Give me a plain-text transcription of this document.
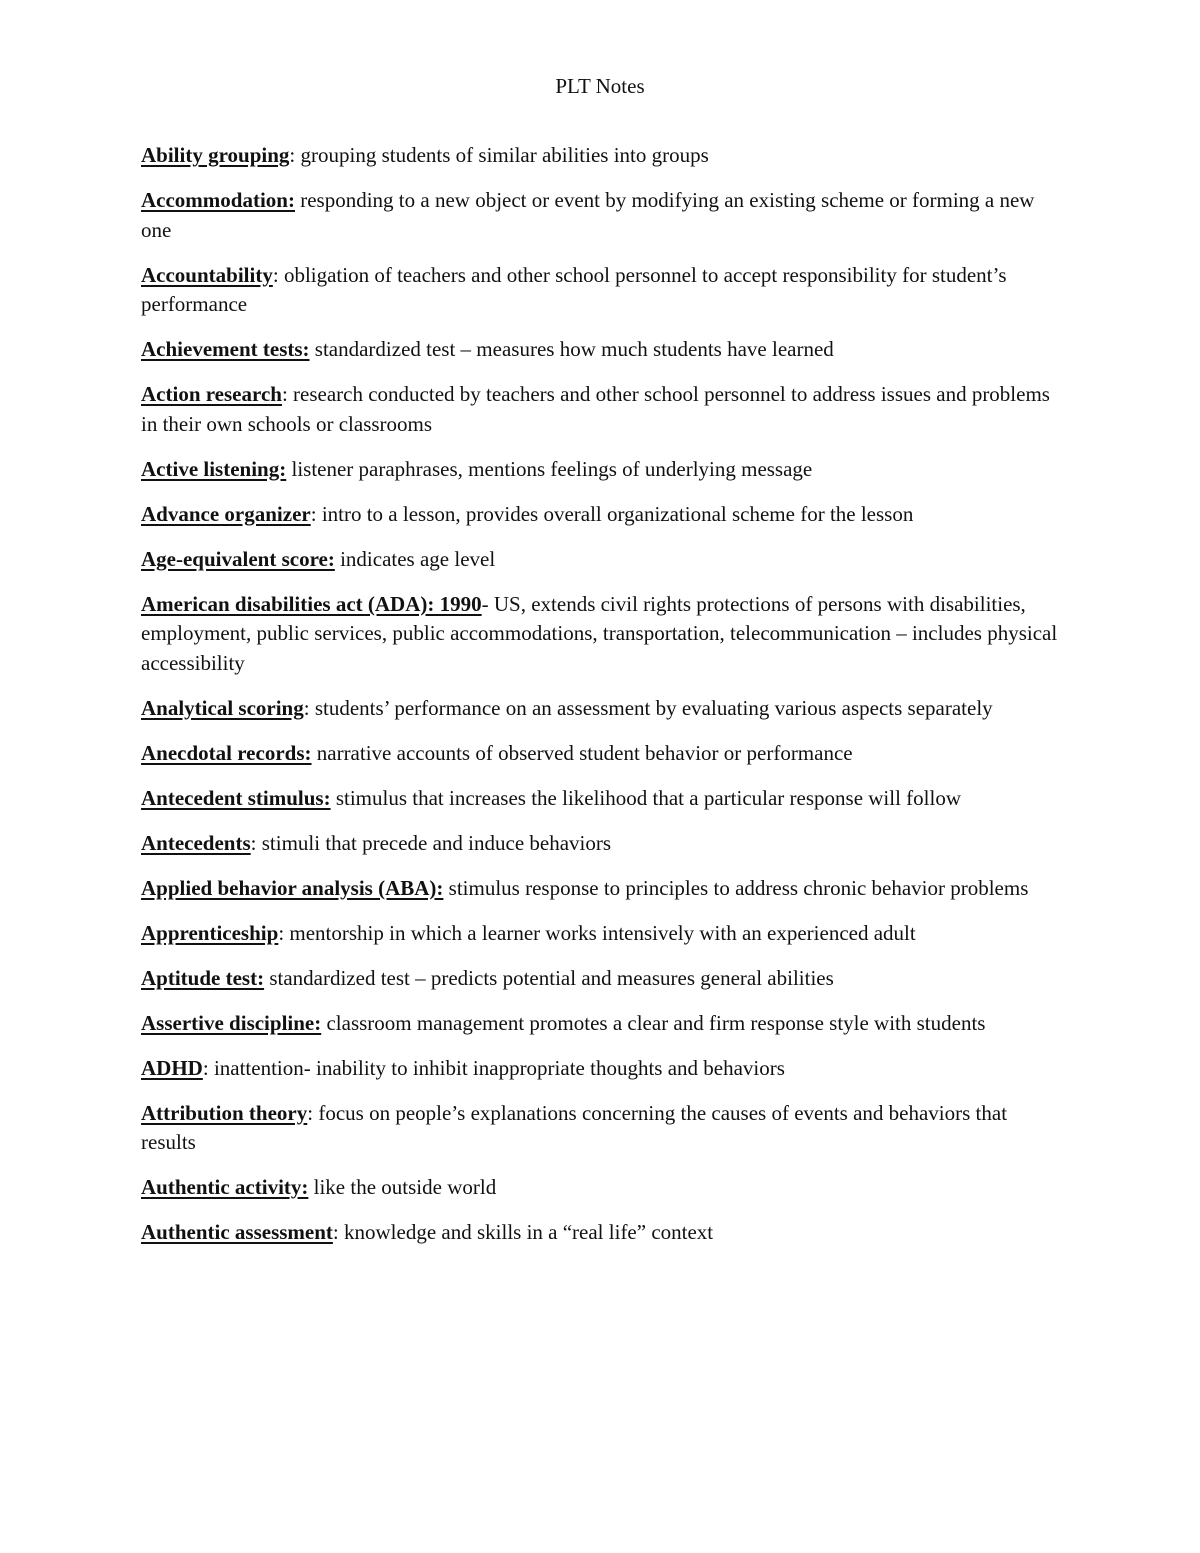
PLT Notes
Ability grouping: grouping students of similar abilities into groups
Accommodation: responding to a new object or event by modifying an existing scheme or forming a new one
Accountability: obligation of teachers and other school personnel to accept responsibility for student’s performance
Achievement tests: standardized test – measures how much students have learned
Action research: research conducted by teachers and other school personnel to address issues and problems in their own schools or classrooms
Active listening: listener paraphrases, mentions feelings of underlying message
Advance organizer: intro to a lesson, provides overall organizational scheme for the lesson
Age-equivalent score: indicates age level
American disabilities act (ADA): 1990- US, extends civil rights protections of persons with disabilities, employment, public services, public accommodations, transportation, telecommunication – includes physical accessibility
Analytical scoring: students’ performance on an assessment by evaluating various aspects separately
Anecdotal records: narrative accounts of observed student behavior or performance
Antecedent stimulus: stimulus that increases the likelihood that a particular response will follow
Antecedents: stimuli that precede and induce behaviors
Applied behavior analysis (ABA): stimulus response to principles to address chronic behavior problems
Apprenticeship: mentorship in which a learner works intensively with an experienced adult
Aptitude test: standardized test – predicts potential and measures general abilities
Assertive discipline: classroom management promotes a clear and firm response style with students
ADHD: inattention- inability to inhibit inappropriate thoughts and behaviors
Attribution theory: focus on people’s explanations concerning the causes of events and behaviors that results
Authentic activity: like the outside world
Authentic assessment: knowledge and skills in a “real life” context
